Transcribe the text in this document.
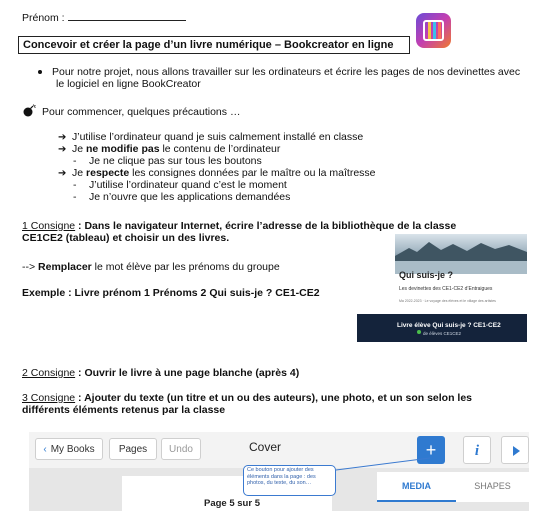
Prénom :
Concevoir et créer la page d’un livre numérique – Bookcreator en ligne
Pour notre projet, nous allons travailler sur les ordinateurs et écrire les pages de nos devinettes avec
le logiciel en ligne BookCreator
Pour commencer, quelques précautions …
➔ J’utilise l’ordinateur quand je suis calmement installé en classe
➔ Je ne modifie pas le contenu de l’ordinateur
- Je ne clique pas sur tous les boutons
➔ Je respecte les consignes données par le maître ou la maîtresse
- J’utilise l’ordinateur quand c’est le moment
- Je n’ouvre que les applications demandées
1 Consigne : Dans le navigateur Internet, écrire l’adresse de la bibliothèque de la classe
CE1CE2 (tableau) et choisir un des livres.
--> Remplacer le mot élève par les prénoms du groupe
Exemple : Livre prénom 1 Prénoms 2 Qui suis-je ? CE1-CE2
Qui suis-je ?
Les devinettes des CE1-CE2 d’Entraigues
Ma 2022-2023 · Le voyage des élèves et le village des artistes
Livre élève Qui suis-je ? CE1-CE2
de élèves CE1CE2
2 Consigne : Ouvrir le livre à une page blanche (après 4)
3 Consigne : Ajouter du texte (un titre et un ou des auteurs), une photo, et un son selon les
différents éléments retenus par la classe
‹ My Books	Pages	Undo	Cover	+	i
Ce bouton pour ajouter des éléments dans la page : des photos, du texte, du son…	MEDIA	SHAPES
Page 5 sur 5
